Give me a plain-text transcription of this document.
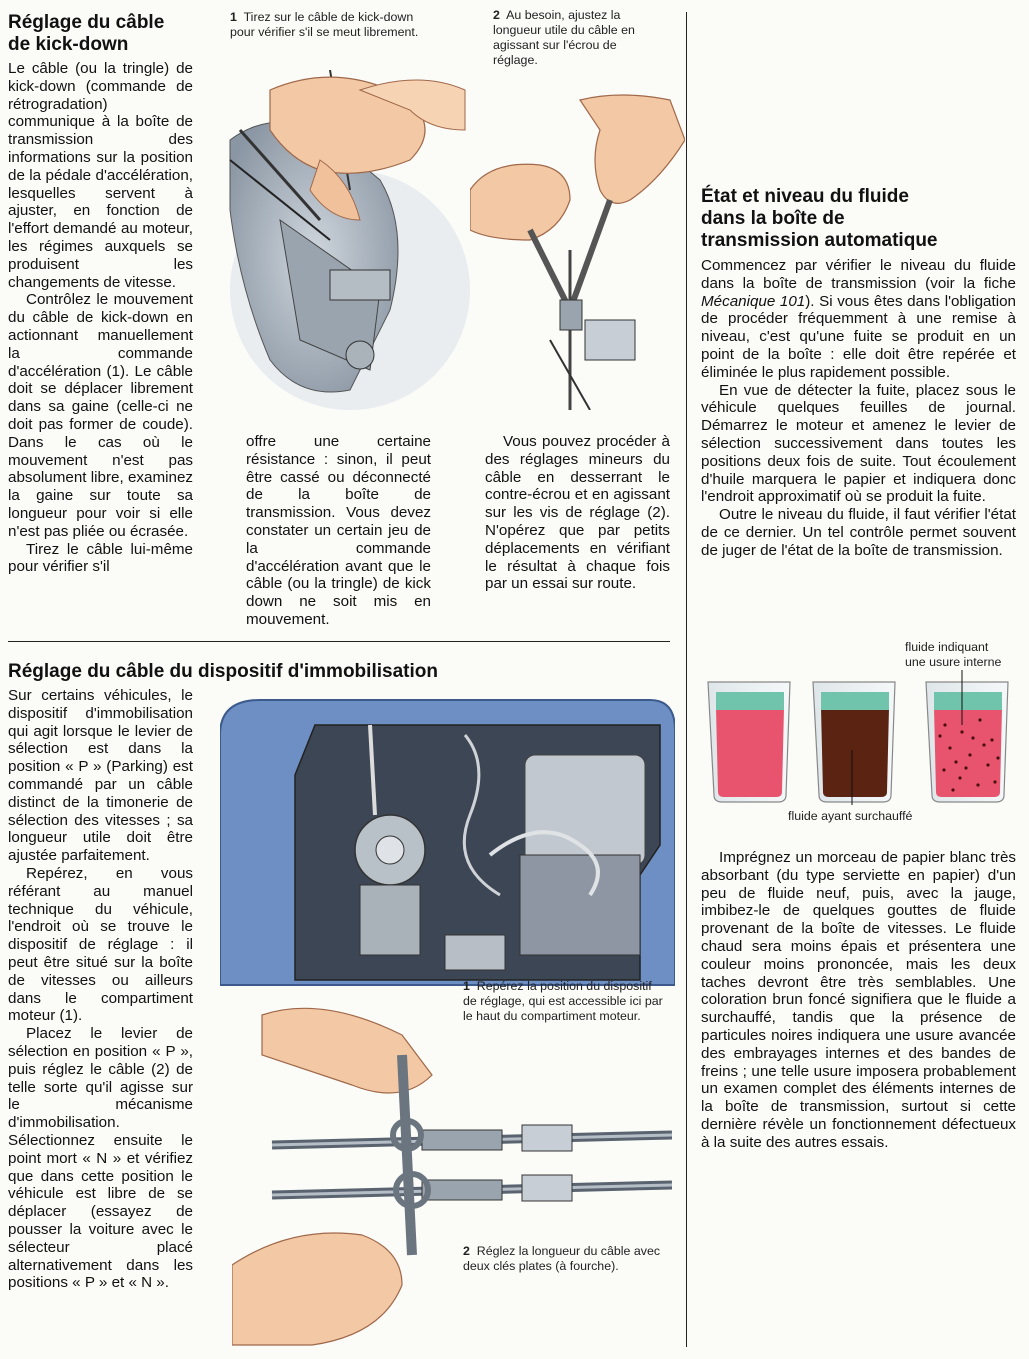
Réglage du câble
de kick-down

Le câble (ou la tringle) de kick-down (commande de rétrogradation) communique à la boîte de transmission des informations sur la position de la pédale d'accélération, lesquelles servent à ajuster, en fonction de l'effort demandé au moteur, les régimes auxquels se produisent les changements de vitesse.

Contrôlez le mouvement du câble de kick-down en actionnant manuellement la commande d'accélération (1). Le câble doit se déplacer librement dans sa gaine (celle-ci ne doit pas former de coude). Dans le cas où le mouvement n'est pas absolument libre, examinez la gaine sur toute sa longueur pour voir si elle n'est pas pliée ou écrasée.

Tirez le câble lui-même pour vérifier s'il

1 Tirez sur le câble de kick-down pour vérifier s'il se meut librement.
2 Au besoin, ajustez la longueur utile du câble en agissant sur l'écrou de réglage.

offre une certaine résistance : sinon, il peut être cassé ou déconnecté de la boîte de transmission. Vous devez constater un certain jeu de la commande d'accélération avant que le câble (ou la tringle) de kick down ne soit mis en mouvement.

Vous pouvez procéder à des réglages mineurs du câble en desserrant le contre-écrou et en agissant sur les vis de réglage (2). N'opérez que par petits déplacements en vérifiant le résultat à chaque fois par un essai sur route.

Réglage du câble du dispositif d'immobilisation

Sur certains véhicules, le dispositif d'immobilisation qui agit lorsque le levier de sélection est dans la position « P » (Parking) est commandé par un câble distinct de la timonerie de sélection des vitesses ; sa longueur utile doit être ajustée parfaitement.

Repérez, en vous référant au manuel technique du véhicule, l'endroit où se trouve le dispositif de réglage : il peut être situé sur la boîte de vitesses ou ailleurs dans le compartiment moteur (1).

Placez le levier de sélection en position « P », puis réglez le câble (2) de telle sorte qu'il agisse sur le mécanisme d'immobilisation. Sélectionnez ensuite le point mort « N » et vérifiez que dans cette position le véhicule est libre de se déplacer (essayez de pousser la voiture avec le sélecteur placé alternativement dans les positions « P » et « N ».

1 Repérez la position du dispositif de réglage, qui est accessible ici par le haut du compartiment moteur.
2 Réglez la longueur du câble avec deux clés plates (à fourche).
État et niveau du fluide
dans la boîte de
transmission automatique

Commencez par vérifier le niveau du fluide dans la boîte de transmission (voir la fiche Mécanique 101). Si vous êtes dans l'obligation de procéder fréquemment à une remise à niveau, c'est qu'une fuite se produit en un point de la boîte : elle doit être repérée et éliminée le plus rapidement possible.

En vue de détecter la fuite, placez sous le véhicule quelques feuilles de journal. Démarrez le moteur et amenez le levier de sélection successivement dans toutes les positions deux fois de suite. Tout écoulement d'huile marquera le papier et indiquera donc l'endroit approximatif où se produit la fuite.

Outre le niveau du fluide, il faut vérifier l'état de ce dernier. Un tel contrôle permet souvent de juger de l'état de la boîte de transmission.

fluide indiquant
une usure interne
fluide ayant surchauffé

Imprégnez un morceau de papier blanc très absorbant (du type serviette en papier) d'un peu de fluide neuf, puis, avec la jauge, imbibez-le de quelques gouttes de fluide provenant de la boîte de vitesses. Le fluide chaud sera moins épais et présentera une couleur moins prononcée, mais les deux taches devront être très semblables. Une coloration brun foncé signifiera que le fluide a surchauffé, tandis que la présence de particules noires indiquera une usure avancée des embrayages internes et des bandes de freins ; une telle usure imposera probablement un examen complet des éléments internes de la boîte de transmission, surtout si cette dernière révèle un fonctionnement défectueux à la suite des autres essais.
